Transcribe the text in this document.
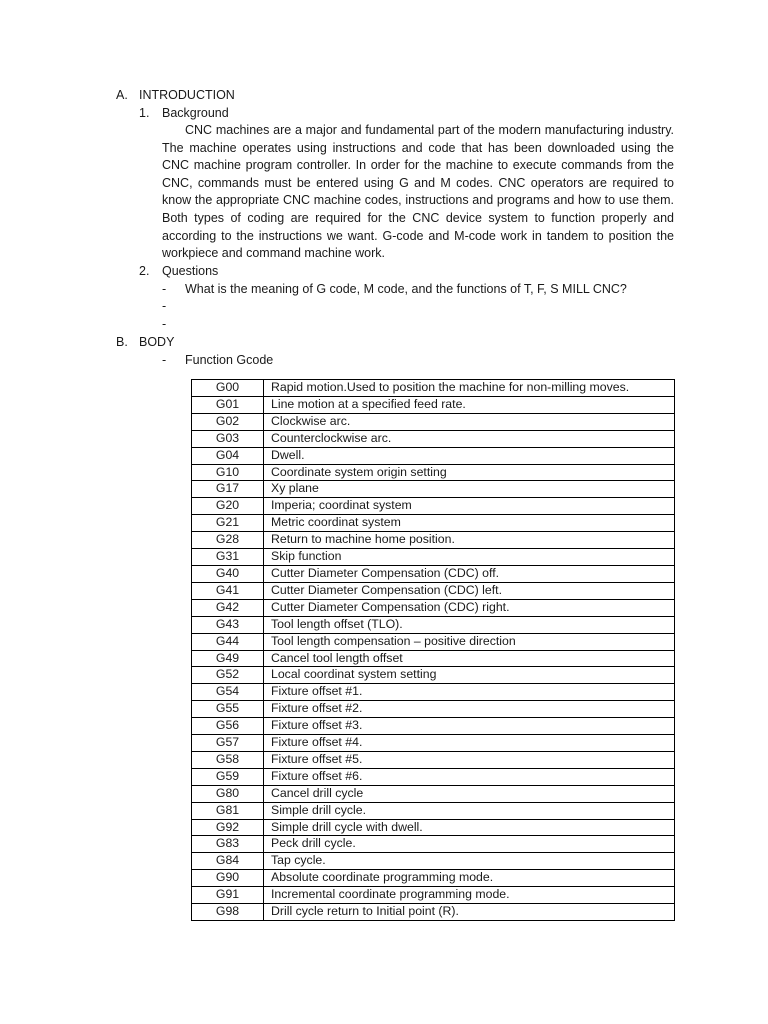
A. INTRODUCTION
1. Background
CNC machines are a major and fundamental part of the modern manufacturing industry. The machine operates using instructions and code that has been downloaded using the CNC machine program controller. In order for the machine to execute commands from the CNC, commands must be entered using G and M codes. CNC operators are required to know the appropriate CNC machine codes, instructions and programs and how to use them. Both types of coding are required for the CNC device system to function properly and according to the instructions we want. G-code and M-code work in tandem to position the workpiece and command machine work.
2. Questions
- What is the meaning of G code, M code, and the functions of T, F, S MILL CNC?
-
-
B. BODY
- Function Gcode
G00	Rapid motion.Used to position the machine for non-milling moves.
G01	Line motion at a specified feed rate.
G02	Clockwise arc.
G03	Counterclockwise arc.
G04	Dwell.
G10	Coordinate system origin setting
G17	Xy plane
G20	Imperia; coordinat system
G21	Metric coordinat system
G28	Return to machine home position.
G31	Skip function
G40	Cutter Diameter Compensation (CDC) off.
G41	Cutter Diameter Compensation (CDC) left.
G42	Cutter Diameter Compensation (CDC) right.
G43	Tool length offset (TLO).
G44	Tool length compensation – positive direction
G49	Cancel tool length offset
G52	Local coordinat system setting
G54	Fixture offset #1.
G55	Fixture offset #2.
G56	Fixture offset #3.
G57	Fixture offset #4.
G58	Fixture offset #5.
G59	Fixture offset #6.
G80	Cancel drill cycle
G81	Simple drill cycle.
G92	Simple drill cycle with dwell.
G83	Peck drill cycle.
G84	Tap cycle.
G90	Absolute coordinate programming mode.
G91	Incremental coordinate programming mode.
G98	Drill cycle return to Initial point (R).
